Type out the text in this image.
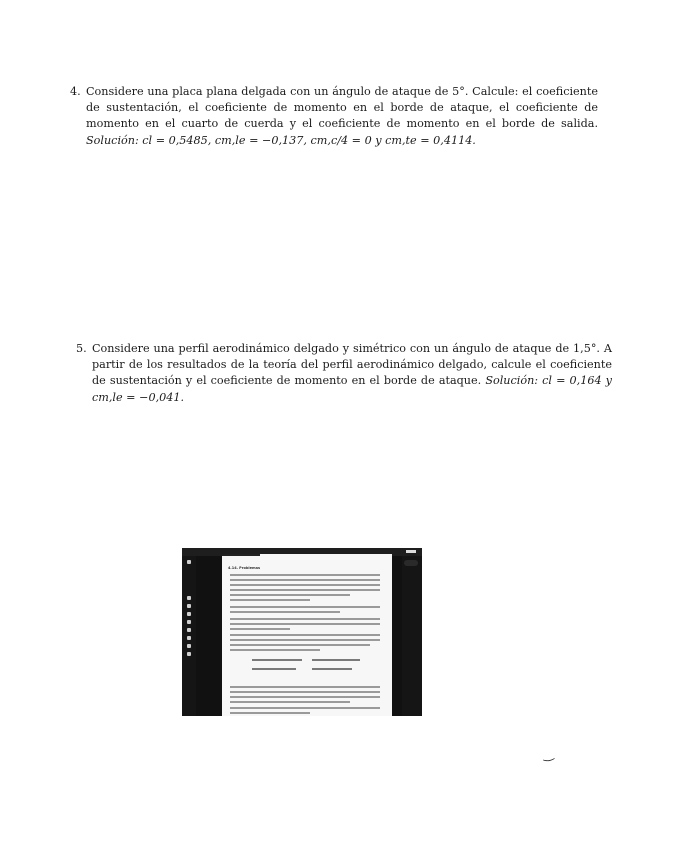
4. Considere una placa plana delgada con un ángulo de ataque de 5°. Calcule: el coeficiente de sustentación, el coeficiente de momento en el borde de ataque, el coeficiente de momento en el cuarto de cuerda y el coeficiente de momento en el borde de salida. Solución: cl = 0,5485, cm,le = −0,137, cm,c/4 = 0 y cm,te = 0,4114.

5. Considere una perfil aerodinámico delgado y simétrico con un ángulo de ataque de 1,5°. A partir de los resultados de la teoría del perfil aerodinámico delgado, calcule el coeficiente de sustentación y el coeficiente de momento en el borde de ataque. Solución: cl = 0,164 y cm,le = −0,041.

4.14. Problemas
‿
